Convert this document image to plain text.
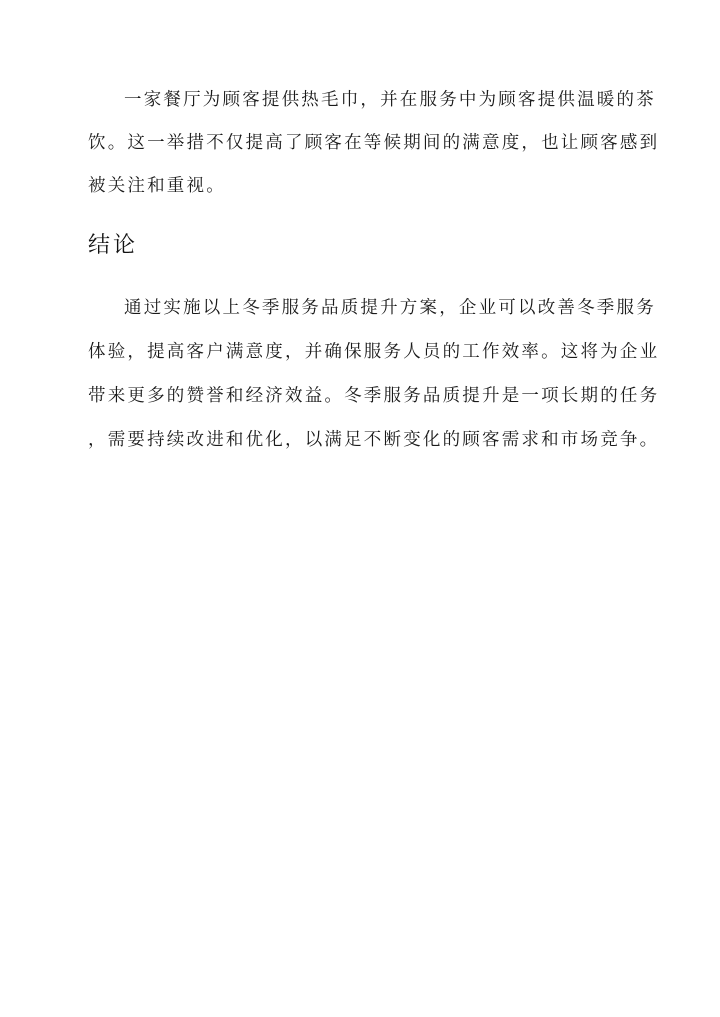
一家餐厅为顾客提供热毛巾，并在服务中为顾客提供温暖的茶
饮。这一举措不仅提高了顾客在等候期间的满意度，也让顾客感到
被关注和重视。
结论
通过实施以上冬季服务品质提升方案，企业可以改善冬季服务
体验，提高客户满意度，并确保服务人员的工作效率。这将为企业
带来更多的赞誉和经济效益。冬季服务品质提升是一项长期的任务
，需要持续改进和优化，以满足不断变化的顾客需求和市场竞争。
